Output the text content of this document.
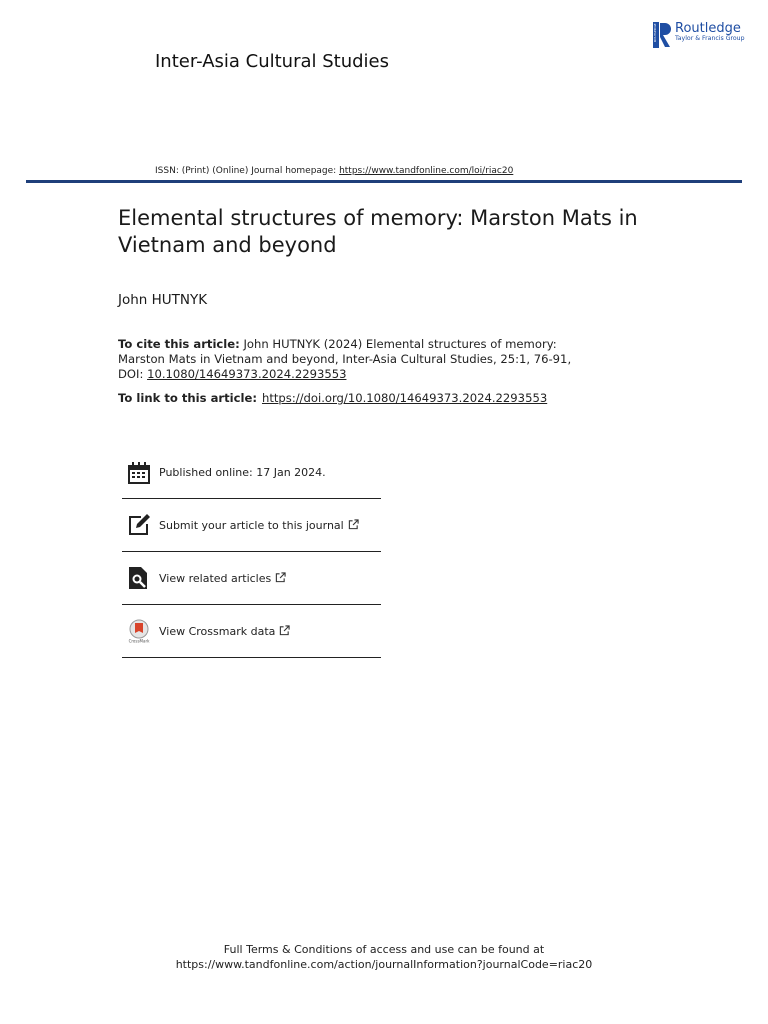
Inter-Asia Cultural Studies
ROUTLEDGE Routledge
Taylor & Francis Group
ISSN: (Print) (Online) Journal homepage: https://www.tandfonline.com/loi/riac20
Elemental structures of memory: Marston Mats in Vietnam and beyond
John HUTNYK
To cite this article: John HUTNYK (2024) Elemental structures of memory: Marston Mats in Vietnam and beyond, Inter-Asia Cultural Studies, 25:1, 76-91, DOI: 10.1080/14649373.2024.2293553
To link to this article: https://doi.org/10.1080/14649373.2024.2293553
Published online: 17 Jan 2024.
Submit your article to this journal
View related articles
CrossMark
View Crossmark data
Full Terms & Conditions of access and use can be found at
https://www.tandfonline.com/action/journalInformation?journalCode=riac20
